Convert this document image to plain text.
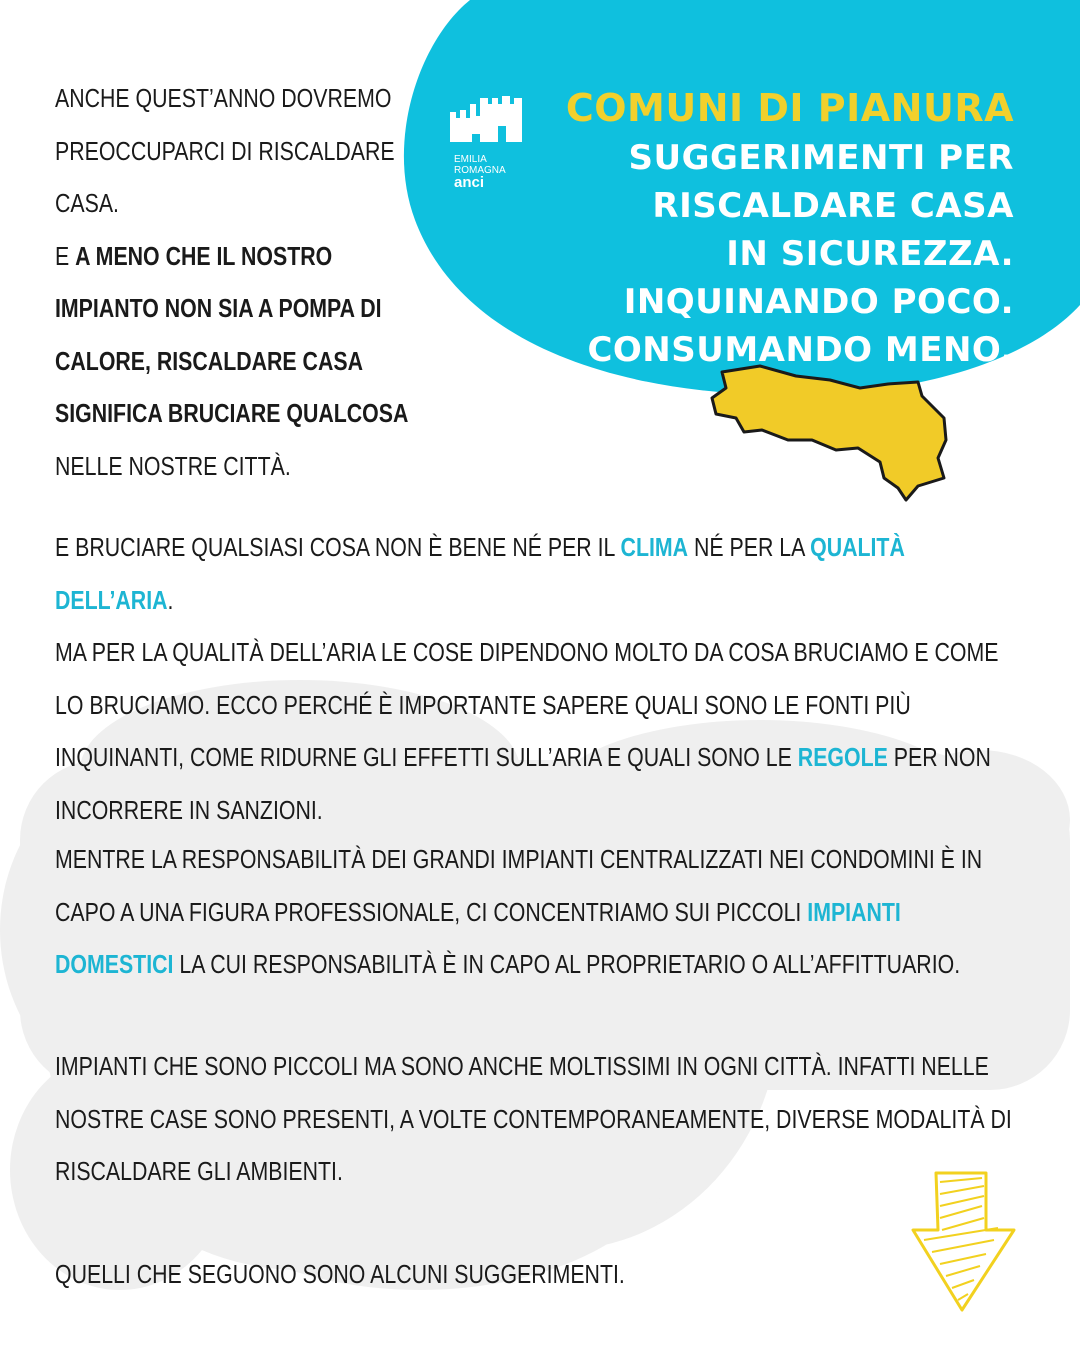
EMILIA
ROMAGNA
anci
COMUNI DI PIANURA
SUGGERIMENTI PER
RISCALDARE CASA
IN SICUREZZA.
INQUINANDO POCO.
CONSUMANDO MENO.
ANCHE QUEST’ANNO DOVREMO
PREOCCUPARCI DI RISCALDARE
CASA.
E A MENO CHE IL NOSTRO
IMPIANTO NON SIA A POMPA DI
CALORE, RISCALDARE CASA
SIGNIFICA BRUCIARE QUALCOSA
NELLE NOSTRE CITTÀ.
E BRUCIARE QUALSIASI COSA NON È BENE NÉ PER IL CLIMA NÉ PER LA QUALITÀ DELL’ARIA.
MA PER LA QUALITÀ DELL’ARIA LE COSE DIPENDONO MOLTO DA COSA BRUCIAMO E COME
LO BRUCIAMO. ECCO PERCHÉ È IMPORTANTE SAPERE QUALI SONO LE FONTI PIÙ
INQUINANTI, COME RIDURNE GLI EFFETTI SULL’ARIA E QUALI SONO LE REGOLE PER NON
INCORRERE IN SANZIONI.
MENTRE LA RESPONSABILITÀ DEI GRANDI IMPIANTI CENTRALIZZATI NEI CONDOMINI È IN
CAPO A UNA FIGURA PROFESSIONALE, CI CONCENTRIAMO SUI PICCOLI IMPIANTI
DOMESTICI LA CUI RESPONSABILITÀ È IN CAPO AL PROPRIETARIO O ALL’AFFITTUARIO.
IMPIANTI CHE SONO PICCOLI MA SONO ANCHE MOLTISSIMI IN OGNI CITTÀ. INFATTI NELLE
NOSTRE CASE SONO PRESENTI, A VOLTE CONTEMPORANEAMENTE, DIVERSE MODALITÀ DI
RISCALDARE GLI AMBIENTI.
QUELLI CHE SEGUONO SONO ALCUNI SUGGERIMENTI.
